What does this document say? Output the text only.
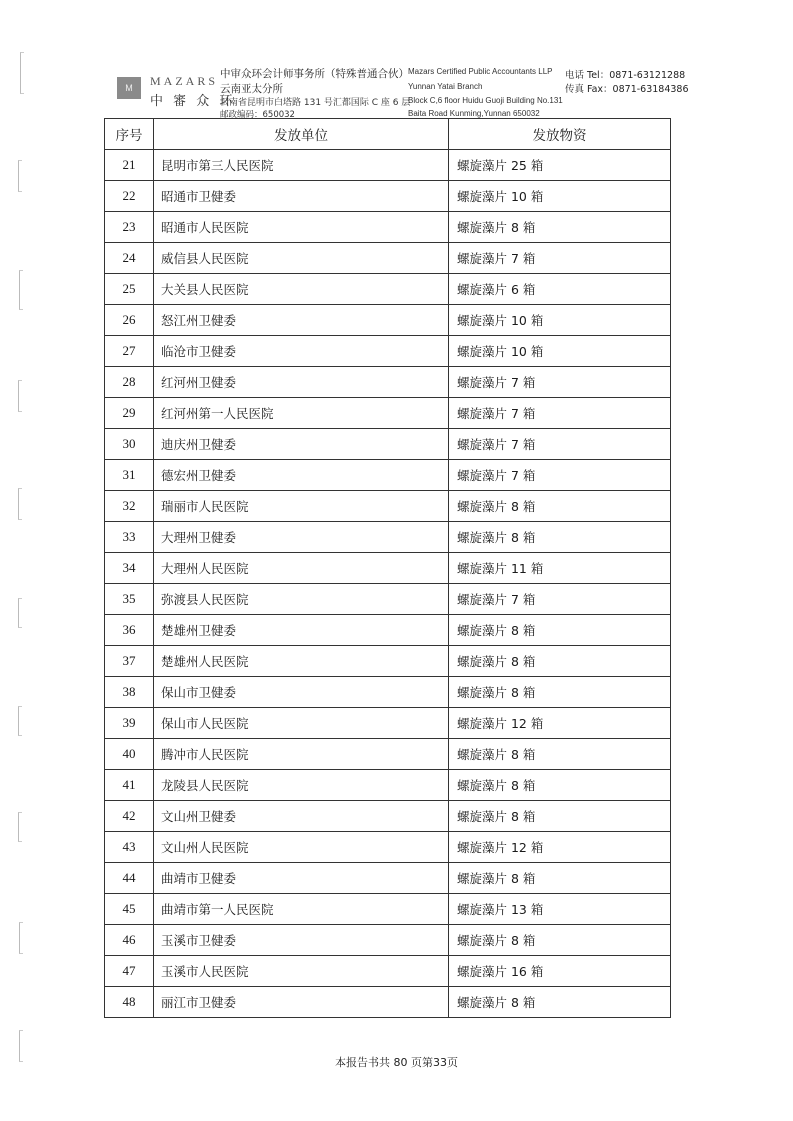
M	MAZARS
中 審 众 环
中审众环会计师事务所（特殊普通合伙）
云南亚太分所
云南省昆明市白塔路 131 号汇都国际 C 座 6 层
邮政编码：650032
Mazars Certified Public Accountants LLP
Yunnan Yatai Branch
Block C,6 floor Huidu Guoji Building No.131
Baita Road Kunming,Yunnan 650032
电话 Tel：0871-63121288
传真 Fax：0871-63184386
序号	发放单位	发放物资
21	昆明市第三人民医院	螺旋藻片 25 箱
22	昭通市卫健委	螺旋藻片 10 箱
23	昭通市人民医院	螺旋藻片 8 箱
24	威信县人民医院	螺旋藻片 7 箱
25	大关县人民医院	螺旋藻片 6 箱
26	怒江州卫健委	螺旋藻片 10 箱
27	临沧市卫健委	螺旋藻片 10 箱
28	红河州卫健委	螺旋藻片 7 箱
29	红河州第一人民医院	螺旋藻片 7 箱
30	迪庆州卫健委	螺旋藻片 7 箱
31	德宏州卫健委	螺旋藻片 7 箱
32	瑞丽市人民医院	螺旋藻片 8 箱
33	大理州卫健委	螺旋藻片 8 箱
34	大理州人民医院	螺旋藻片 11 箱
35	弥渡县人民医院	螺旋藻片 7 箱
36	楚雄州卫健委	螺旋藻片 8 箱
37	楚雄州人民医院	螺旋藻片 8 箱
38	保山市卫健委	螺旋藻片 8 箱
39	保山市人民医院	螺旋藻片 12 箱
40	腾冲市人民医院	螺旋藻片 8 箱
41	龙陵县人民医院	螺旋藻片 8 箱
42	文山州卫健委	螺旋藻片 8 箱
43	文山州人民医院	螺旋藻片 12 箱
44	曲靖市卫健委	螺旋藻片 8 箱
45	曲靖市第一人民医院	螺旋藻片 13 箱
46	玉溪市卫健委	螺旋藻片 8 箱
47	玉溪市人民医院	螺旋藻片 16 箱
48	丽江市卫健委	螺旋藻片 8 箱
本报告书共 80 页第33页
